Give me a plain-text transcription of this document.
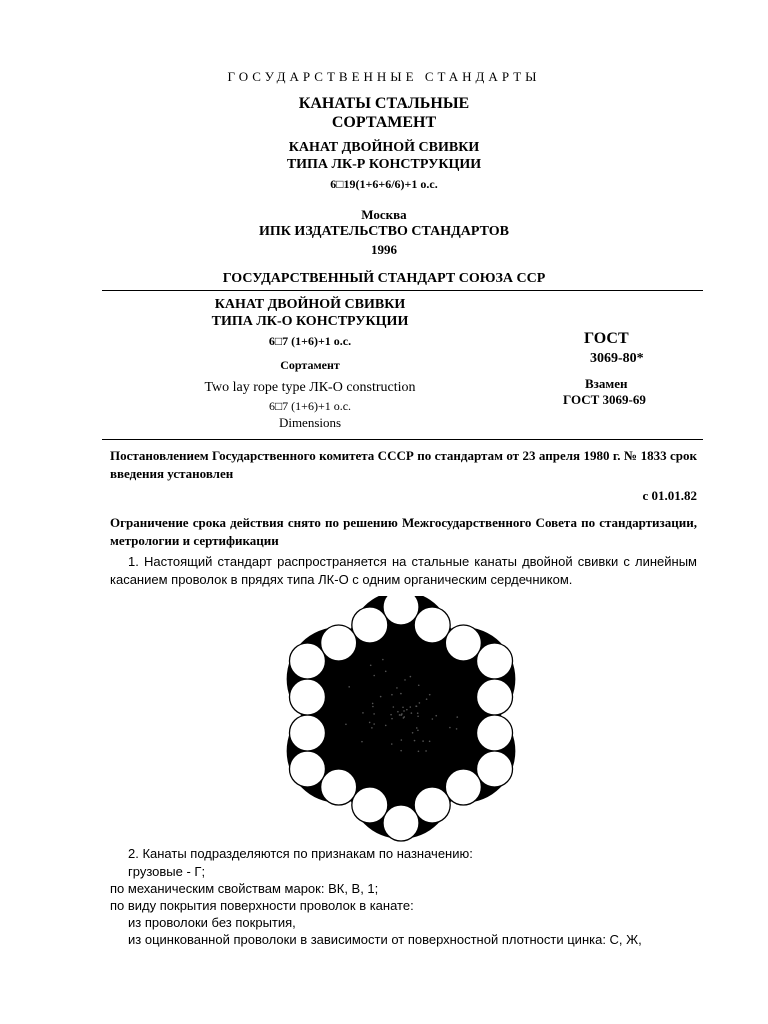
ГОСУДАРСТВЕННЫЕ СТАНДАРТЫ
КАНАТЫ СТАЛЬНЫЕ
СОРТАМЕНТ
КАНАТ ДВОЙНОЙ СВИВКИ
ТИПА ЛК-Р КОНСТРУКЦИИ
6□19(1+6+6/6)+1 о.с.
Москва
ИПК ИЗДАТЕЛЬСТВО СТАНДАРТОВ
1996
ГОСУДАРСТВЕННЫЙ СТАНДАРТ СОЮЗА ССР
КАНАТ ДВОЙНОЙ СВИВКИ
ТИПА ЛК-О КОНСТРУКЦИИ
6□7 (1+6)+1 о.с.
Сортамент
Two lay rope type ЛК-О construction
6□7 (1+6)+1 о.с.
Dimensions
ГОСТ
3069-80*
Взамен
ГОСТ 3069-69
Постановлением Государственного комитета СССР по стандартам от 23 апреля 1980 г. № 1833 срок введения установлен
с 01.01.82
Ограничение срока действия снято по решению Межгосударственного Совета по стандартизации, метрологии и сертификации
1. Настоящий стандарт распространяется на стальные канаты двойной свивки с линейным касанием проволок в прядях типа ЛК-О с одним органическим сердечником.
2. Канаты подразделяются по признакам по назначению:
грузовые - Г;
по механическим свойствам марок: ВК, В, 1;
по виду покрытия поверхности проволок в канате:
из проволоки без покрытия,
из оцинкованной проволоки в зависимости от поверхностной плотности цинка: С, Ж,
